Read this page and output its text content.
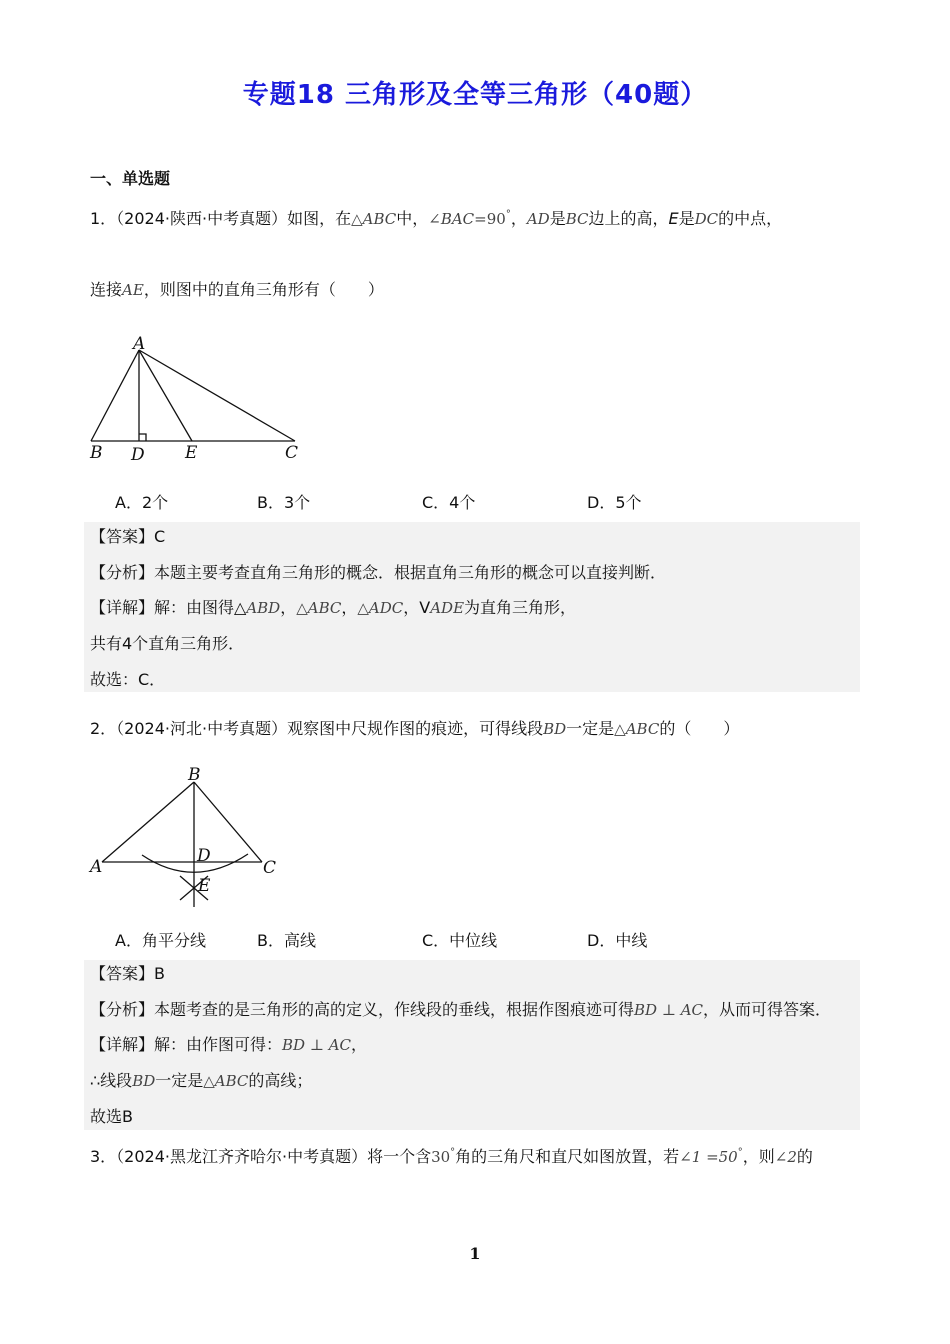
专题18 三角形及全等三角形（40题）
一、单选题
1．（2024·陕西·中考真题）如图，在△ABC中，∠BAC=90°，AD是BC边上的高，E是DC的中点，
连接AE，则图中的直角三角形有（　　）
A
B D E	C
A．2个	B．3个	C．4个	D．5个
【答案】C
【分析】本题主要考查直角三角形的概念．根据直角三角形的概念可以直接判断．
【详解】解：由图得△ABD，△ABC，△ADC，VADE为直角三角形，
共有4个直角三角形．
故选：C．
2．（2024·河北·中考真题）观察图中尺规作图的痕迹，可得线段BD一定是△ABC的（　　）
B
A	C
D
E
A．角平分线	B．高线	C．中位线	D．中线
【答案】B
【分析】本题考查的是三角形的高的定义，作线段的垂线，根据作图痕迹可得BD ⊥ AC，从而可得答案．
【详解】解：由作图可得：BD ⊥ AC，
∴线段BD一定是△ABC的高线；
故选B
3．（2024·黑龙江齐齐哈尔·中考真题）将一个含30°角的三角尺和直尺如图放置，若∠1 =50°，则∠2的
1
